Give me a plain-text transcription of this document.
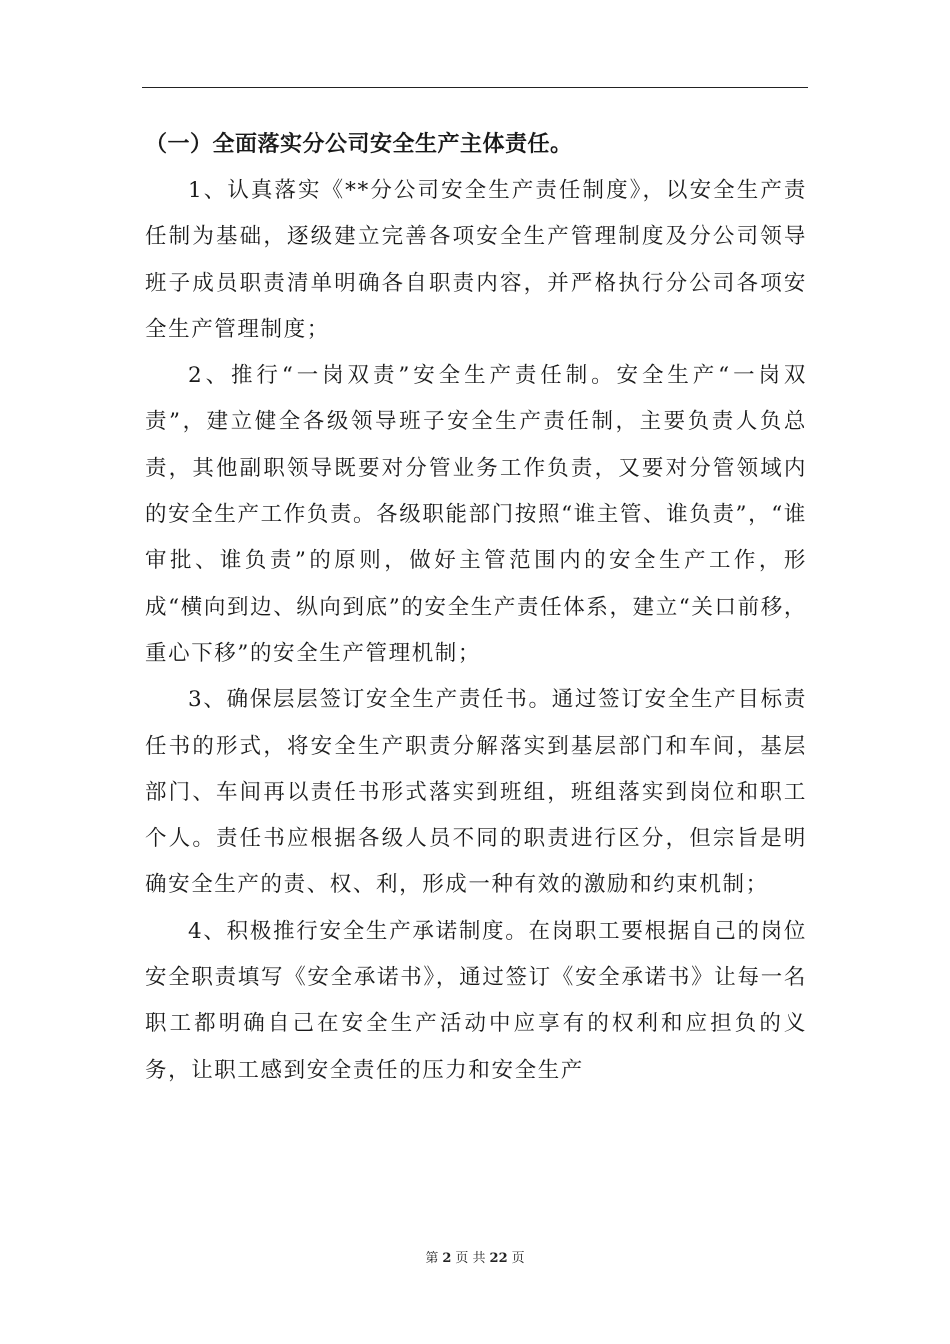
（一）全面落实分公司安全生产主体责任。

1、认真落实《**分公司安全生产责任制度》，以安全生产责任制为基础，逐级建立完善各项安全生产管理制度及分公司领导班子成员职责清单明确各自职责内容，并严格执行分公司各项安全生产管理制度；

2、推行“一岗双责”安全生产责任制。安全生产“一岗双责”，建立健全各级领导班子安全生产责任制，主要负责人负总责，其他副职领导既要对分管业务工作负责，又要对分管领域内的安全生产工作负责。各级职能部门按照“谁主管、谁负责”，“谁审批、谁负责”的原则，做好主管范围内的安全生产工作，形成“横向到边、纵向到底”的安全生产责任体系，建立“关口前移，重心下移”的安全生产管理机制；

3、确保层层签订安全生产责任书。通过签订安全生产目标责任书的形式，将安全生产职责分解落实到基层部门和车间，基层部门、车间再以责任书形式落实到班组，班组落实到岗位和职工个人。责任书应根据各级人员不同的职责进行区分，但宗旨是明确安全生产的责、权、利，形成一种有效的激励和约束机制；

4、积极推行安全生产承诺制度。在岗职工要根据自己的岗位安全职责填写《安全承诺书》，通过签订《安全承诺书》让每一名职工都明确自己在安全生产活动中应享有的权利和应担负的义务，让职工感到安全责任的压力和安全生产

第 2 页 共 22 页
